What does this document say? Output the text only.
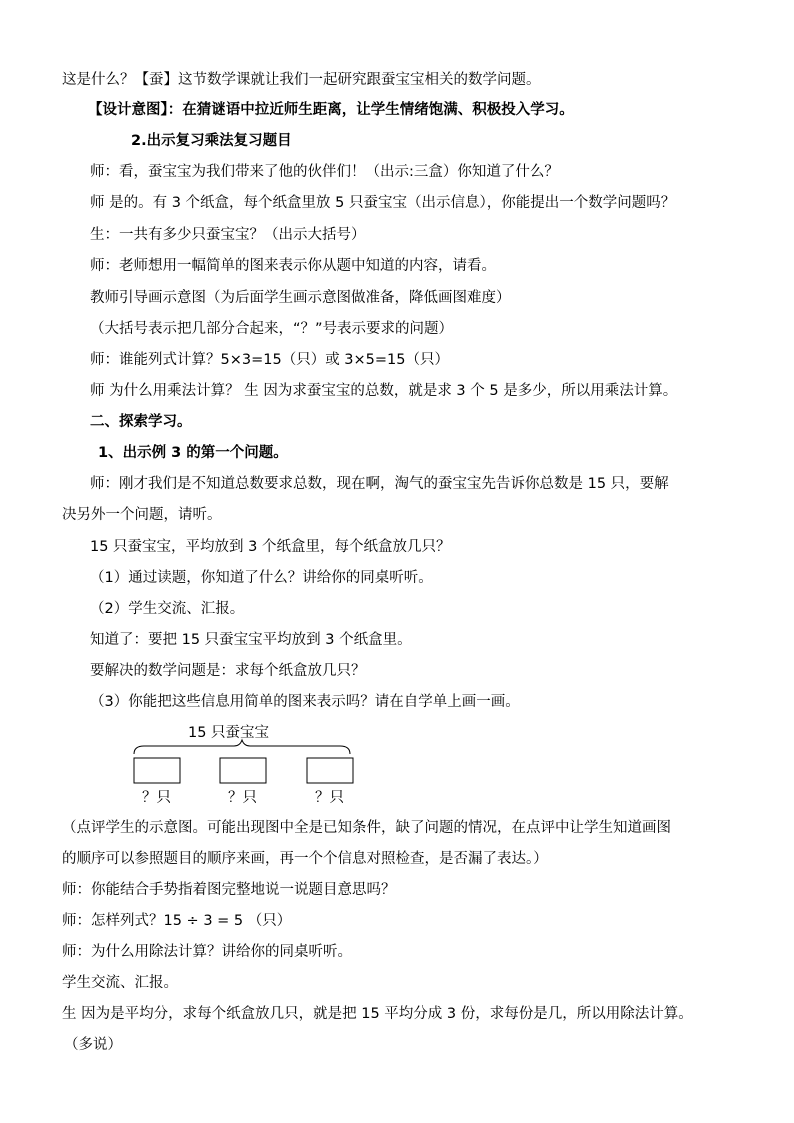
这是什么？【蚕】这节数学课就让我们一起研究跟蚕宝宝相关的数学问题。
【设计意图】：在猜谜语中拉近师生距离，让学生情绪饱满、积极投入学习。
2.出示复习乘法复习题目
师：看，蚕宝宝为我们带来了他的伙伴们！（出示:三盒）你知道了什么？
师 是的。有 3 个纸盒，每个纸盒里放 5 只蚕宝宝（出示信息），你能提出一个数学问题吗？
生：一共有多少只蚕宝宝？（出示大括号）
师：老师想用一幅简单的图来表示你从题中知道的内容，请看。
教师引导画示意图（为后面学生画示意图做准备，降低画图难度）
（大括号表示把几部分合起来，“？”号表示要求的问题）
师：谁能列式计算？5×3=15（只）或 3×5=15（只）
师 为什么用乘法计算？ 生 因为求蚕宝宝的总数，就是求 3 个 5 是多少，所以用乘法计算。
二、探索学习。
1、出示例 3 的第一个问题。
师：刚才我们是不知道总数要求总数，现在啊，淘气的蚕宝宝先告诉你总数是 15 只，要解
决另外一个问题，请听。
15 只蚕宝宝，平均放到 3 个纸盒里，每个纸盒放几只？
（1）通过读题，你知道了什么？讲给你的同桌听听。
（2）学生交流、汇报。
知道了：要把 15 只蚕宝宝平均放到 3 个纸盒里。
要解决的数学问题是：求每个纸盒放几只？
（3）你能把这些信息用简单的图来表示吗？请在自学单上画一画。
15 只蚕宝宝
？只	？只	？只
（点评学生的示意图。可能出现图中全是已知条件，缺了问题的情况，在点评中让学生知道画图
的顺序可以参照题目的顺序来画，再一个个信息对照检查，是否漏了表达。）
师：你能结合手势指着图完整地说一说题目意思吗？
师：怎样列式？15 ÷ 3 = 5 （只）
师：为什么用除法计算？讲给你的同桌听听。
学生交流、汇报。
生 因为是平均分，求每个纸盒放几只，就是把 15 平均分成 3 份，求每份是几，所以用除法计算。
（多说）
